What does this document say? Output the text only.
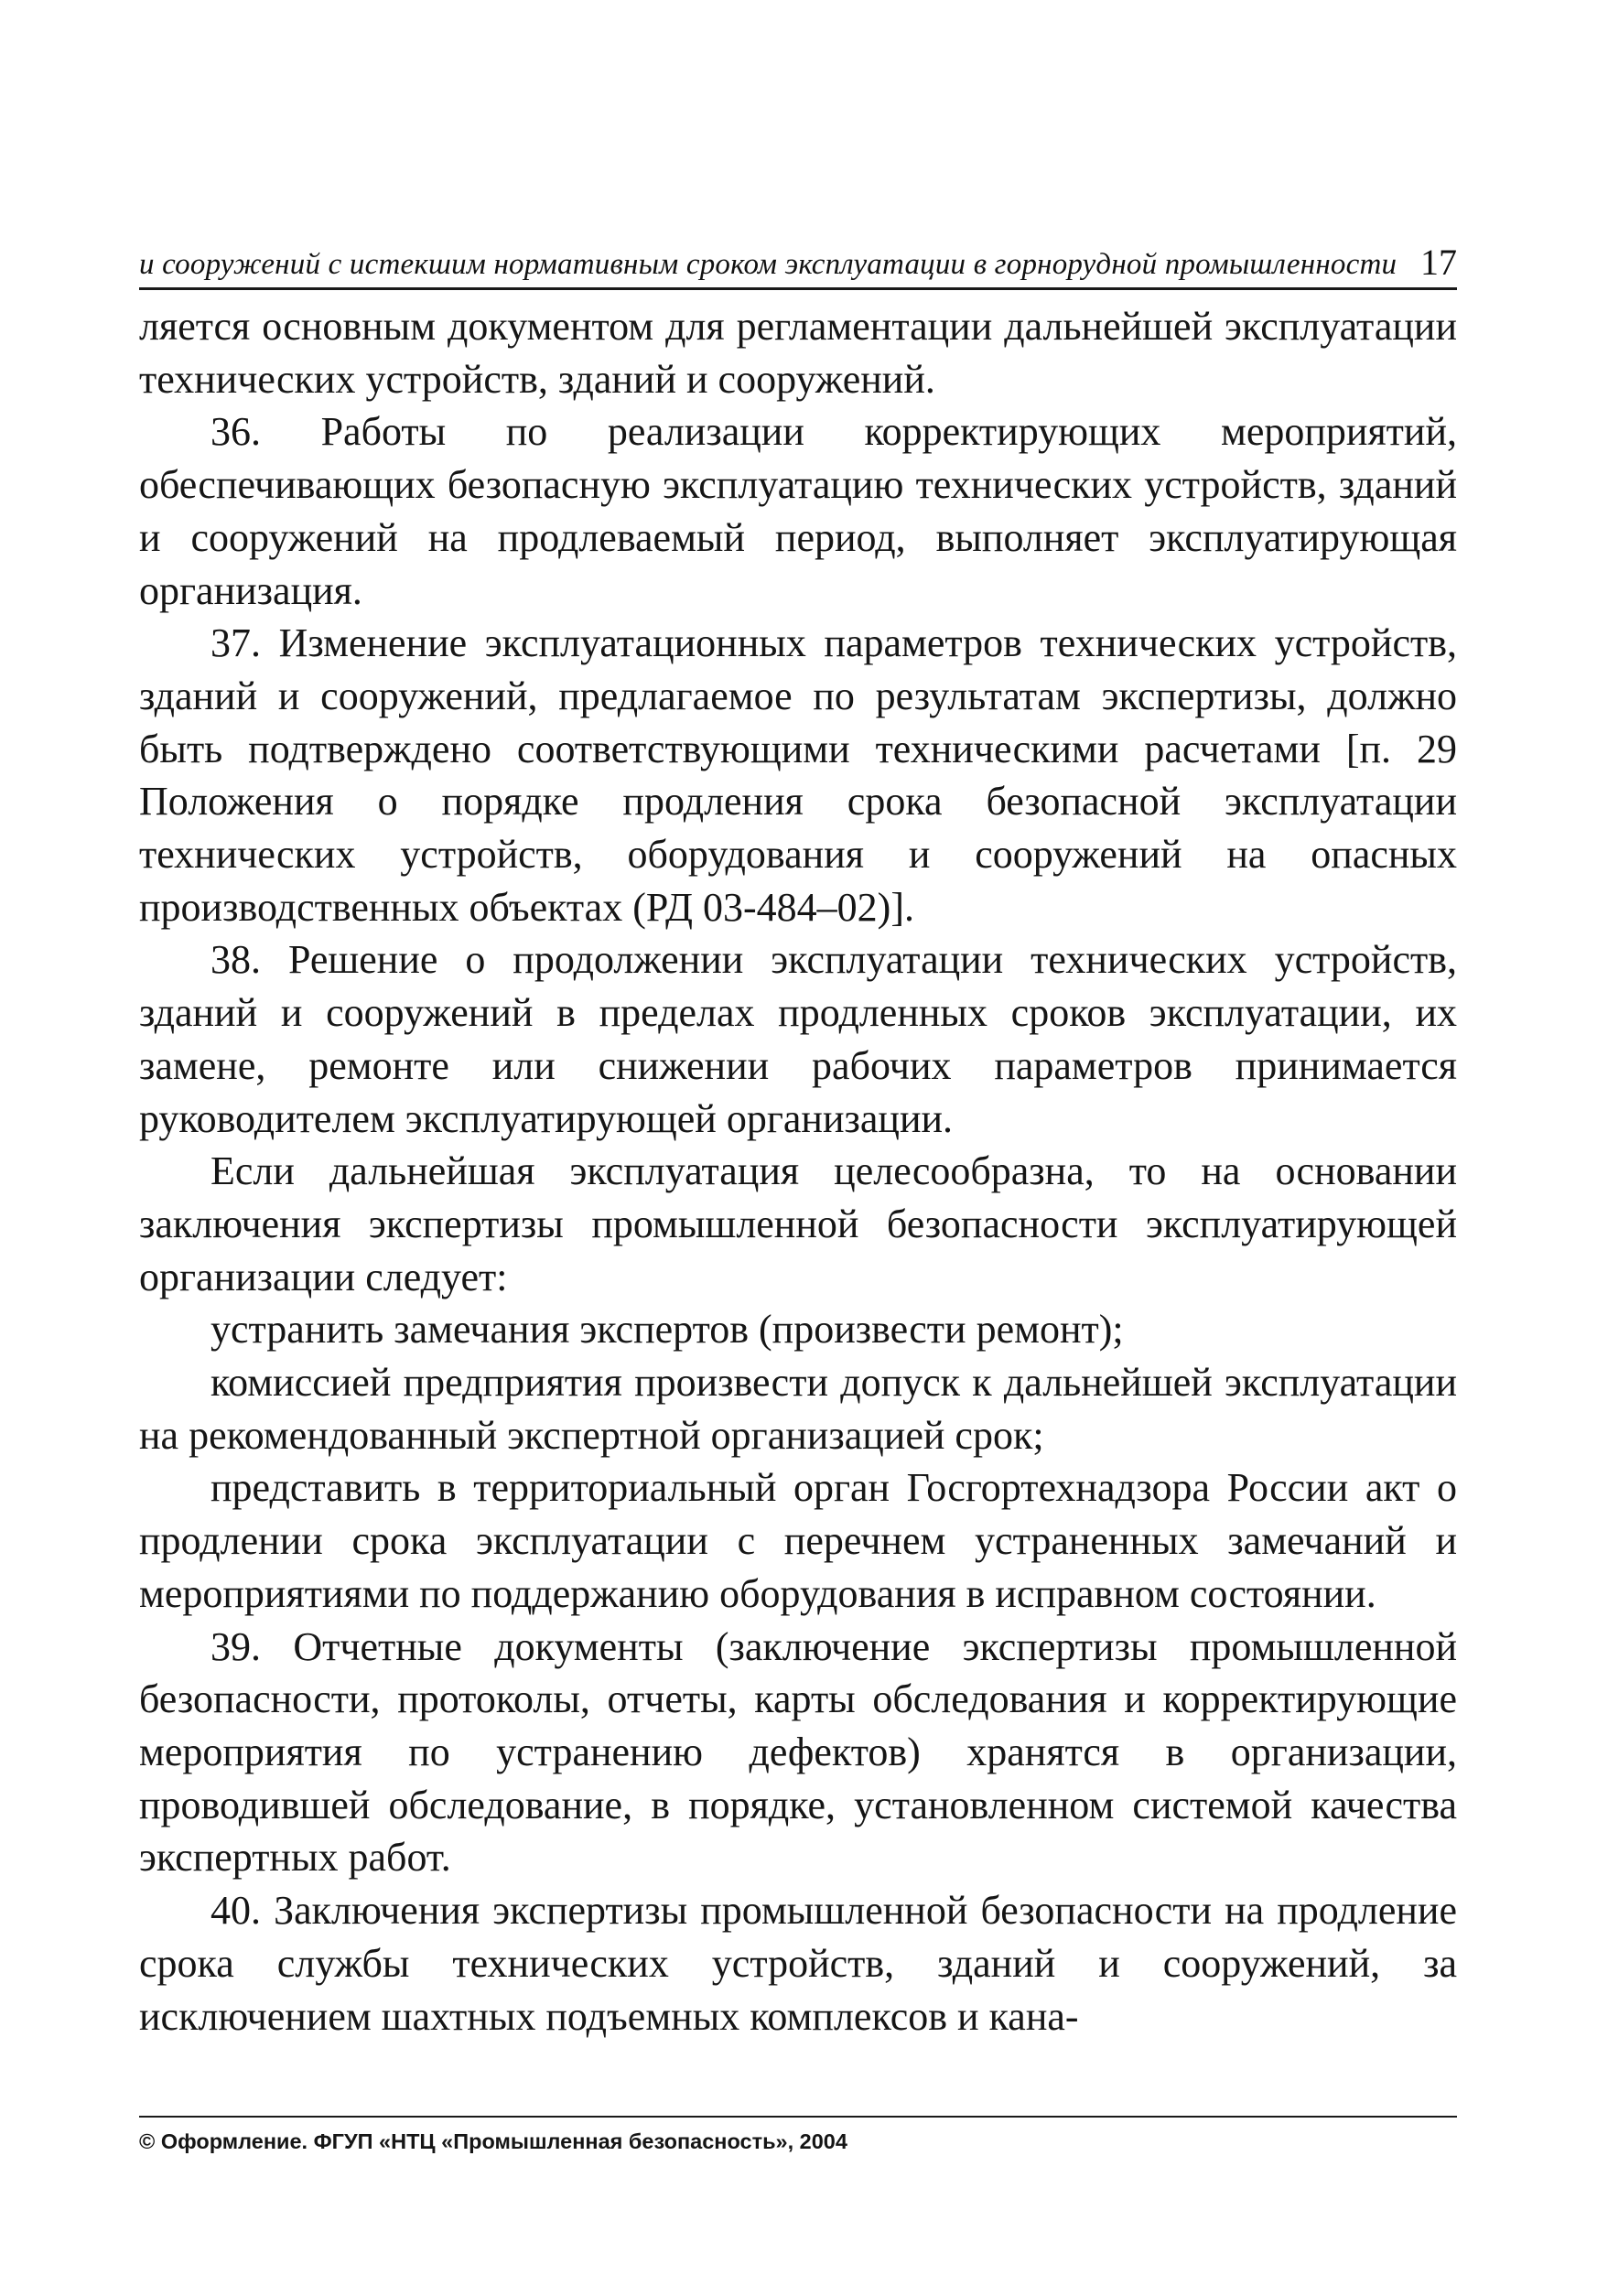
и сооружений с истекшим нормативным сроком эксплуатации в горнорудной промышленности 17

ляется основным документом для регламентации дальнейшей эксплуатации технических устройств, зданий и сооружений.

36. Работы по реализации корректирующих мероприятий, обеспечивающих безопасную эксплуатацию технических устройств, зданий и сооружений на продлеваемый период, выполняет эксплуатирующая организация.

37. Изменение эксплуатационных параметров технических устройств, зданий и сооружений, предлагаемое по результатам экспертизы, должно быть подтверждено соответствующими техническими расчетами [п. 29 Положения о порядке продления срока безопасной эксплуатации технических устройств, оборудования и сооружений на опасных производственных объектах (РД 03-484–02)].

38. Решение о продолжении эксплуатации технических устройств, зданий и сооружений в пределах продленных сроков эксплуатации, их замене, ремонте или снижении рабочих параметров принимается руководителем эксплуатирующей организации.

Если дальнейшая эксплуатация целесообразна, то на основании заключения экспертизы промышленной безопасности эксплуатирующей организации следует:

устранить замечания экспертов (произвести ремонт);

комиссией предприятия произвести допуск к дальнейшей эксплуатации на рекомендованный экспертной организацией срок;

представить в территориальный орган Госгортехнадзора России акт о продлении срока эксплуатации с перечнем устраненных замечаний и мероприятиями по поддержанию оборудования в исправном состоянии.

39. Отчетные документы (заключение экспертизы промышленной безопасности, протоколы, отчеты, карты обследования и корректирующие мероприятия по устранению дефектов) хранятся в организации, проводившей обследование, в порядке, установленном системой качества экспертных работ.

40. Заключения экспертизы промышленной безопасности на продление срока службы технических устройств, зданий и сооружений, за исключением шахтных подъемных комплексов и кана-

© Оформление. ФГУП «НТЦ «Промышленная безопасность», 2004
